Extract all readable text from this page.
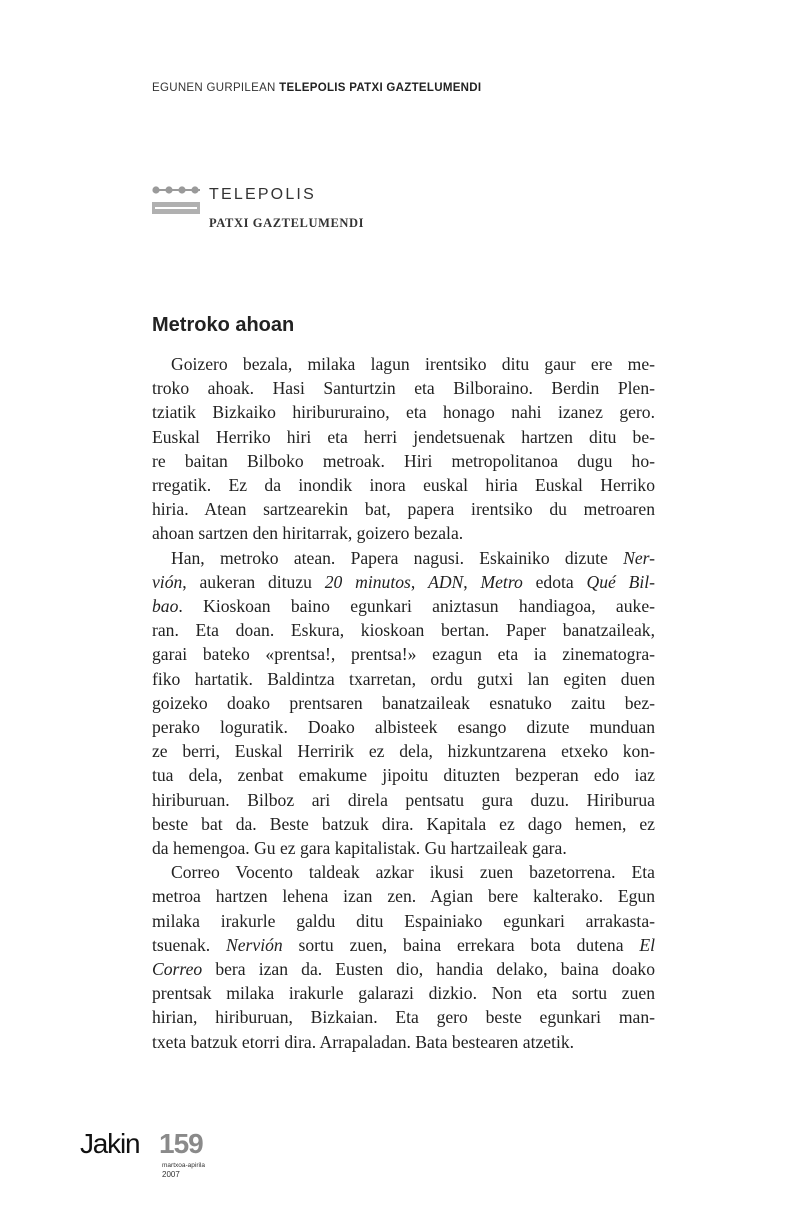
EGUNEN GURPILEAN TELEPOLIS PATXI GAZTELUMENDI
TELEPOLIS
PATXI GAZTELUMENDI
Metroko ahoan
Goizero bezala, milaka lagun irentsiko ditu gaur ere me-
troko ahoak. Hasi Santurtzin eta Bilboraino. Berdin Plen-
tziatik Bizkaiko hiribururaino, eta honago nahi izanez gero.
Euskal Herriko hiri eta herri jendetsuenak hartzen ditu be-
re baitan Bilboko metroak. Hiri metropolitanoa dugu ho-
rregatik. Ez da inondik inora euskal hiria Euskal Herriko
hiria. Atean sartzearekin bat, papera irentsiko du metroaren
ahoan sartzen den hiritarrak, goizero bezala.
Han, metroko atean. Papera nagusi. Eskainiko dizute Ner-
vión, aukeran dituzu 20 minutos, ADN, Metro edota Qué Bil-
bao. Kioskoan baino egunkari aniztasun handiagoa, auke-
ran. Eta doan. Eskura, kioskoan bertan. Paper banatzaileak,
garai bateko «prentsa!, prentsa!» ezagun eta ia zinematogra-
fiko hartatik. Baldintza txarretan, ordu gutxi lan egiten duen
goizeko doako prentsaren banatzaileak esnatuko zaitu bez-
perako loguratik. Doako albisteek esango dizute munduan
ze berri, Euskal Herririk ez dela, hizkuntzarena etxeko kon-
tua dela, zenbat emakume jipoitu dituzten bezperan edo iaz
hiriburuan. Bilboz ari direla pentsatu gura duzu. Hiriburua
beste bat da. Beste batzuk dira. Kapitala ez dago hemen, ez
da hemengoa. Gu ez gara kapitalistak. Gu hartzaileak gara.
Correo Vocento taldeak azkar ikusi zuen bazetorrena. Eta
metroa hartzen lehena izan zen. Agian bere kalterako. Egun
milaka irakurle galdu ditu Espainiako egunkari arrakasta-
tsuenak. Nervión sortu zuen, baina errekara bota dutena El
Correo bera izan da. Eusten dio, handia delako, baina doako
prentsak milaka irakurle galarazi dizkio. Non eta sortu zuen
hirian, hiriburuan, Bizkaian. Eta gero beste egunkari man-
txeta batzuk etorri dira. Arrapaladan. Bata bestearen atzetik.
Jakin 159
martxoa-apirila
2007
